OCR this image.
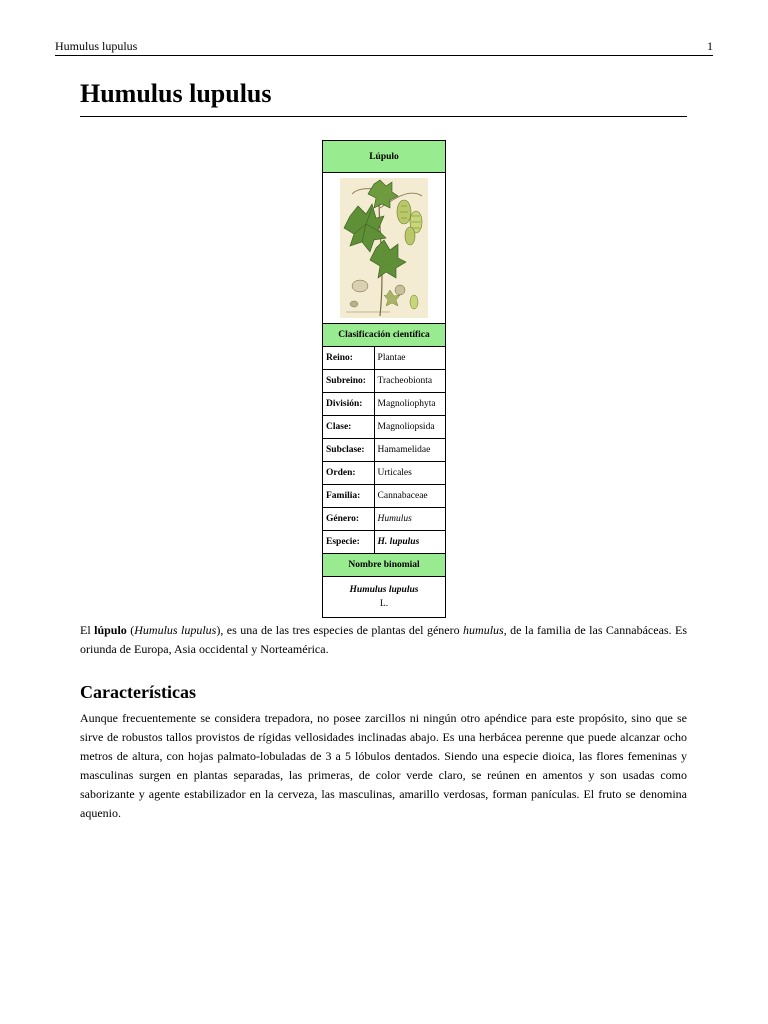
Humulus lupulus	1
Humulus lupulus
Lúpulo	

Clasificación científica	
Reino:	Plantae
Subreino:	Tracheobionta
División:	Magnoliophyta
Clase:	Magnoliopsida
Subclase:	Hamamelidae
Orden:	Urticales
Familia:	Cannabaceae
Género:	Humulus
Especie:	H. lupulus
Nombre binomial	

Humulus lupulus
L.	

El lúpulo (Humulus lupulus), es una de las tres especies de plantas del género humulus, de la familia de las Cannabáceas. Es oriunda de Europa, Asia occidental y Norteamérica.

Características

Aunque frecuentemente se considera trepadora, no posee zarcillos ni ningún otro apéndice para este propósito, sino que se sirve de robustos tallos provistos de rígidas vellosidades inclinadas abajo. Es una herbácea perenne que puede alcanzar ocho metros de altura, con hojas palmato-lobuladas de 3 a 5 lóbulos dentados. Siendo una especie dioica, las flores femeninas y masculinas surgen en plantas separadas, las primeras, de color verde claro, se reúnen en amentos y son usadas como saborizante y agente estabilizador en la cerveza, las masculinas, amarillo verdosas, forman panículas. El fruto se denomina aquenio.
